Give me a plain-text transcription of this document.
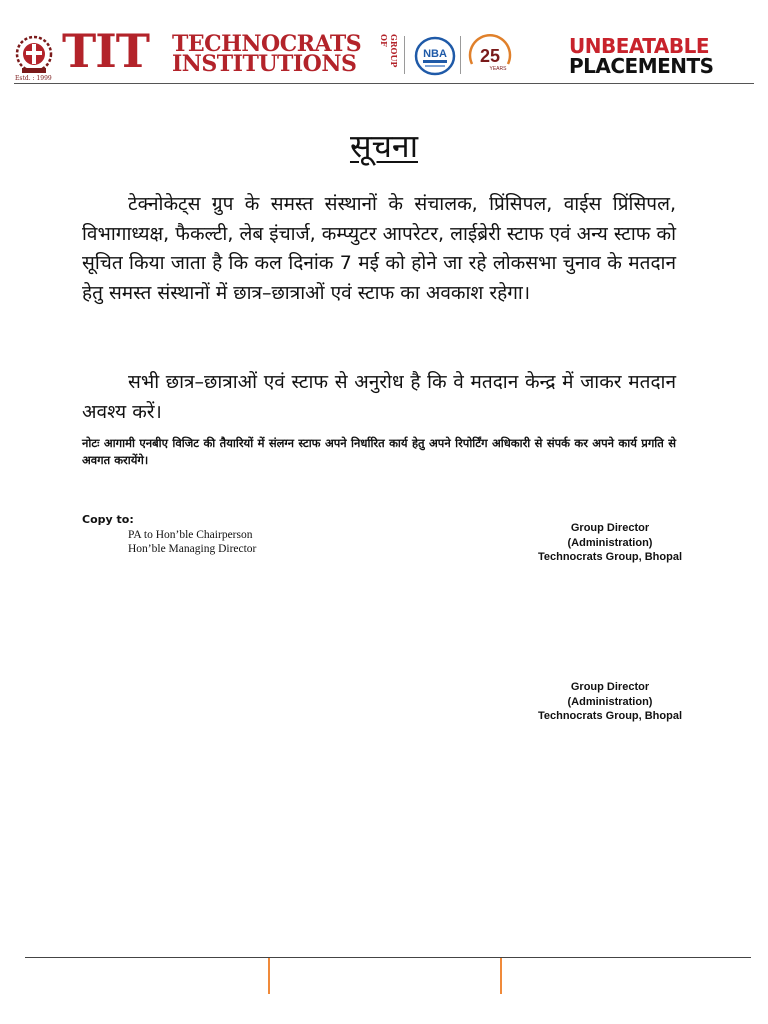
Estd. : 1999
TIT TECHNOCRATS
INSTITUTIONS	GROUP OF
NBA 25
YEARS
UNBEATABLE
PLACEMENTS
सूचना
टेक्नोकेट्स ग्रुप के समस्त संस्थानों के संचालक, प्रिंसिपल, वाईस प्रिंसिपल, विभागाध्यक्ष, फैकल्टी, लेब इंचार्ज, कम्प्युटर आपरेटर, लाईब्रेरी स्टाफ एवं अन्य स्टाफ को सूचित किया जाता है कि कल दिनांक 7 मई को होने जा रहे लोकसभा चुनाव के मतदान हेतु समस्त संस्थानों में छात्र–छात्राओं एवं स्टाफ का अवकाश रहेगा।
सभी छात्र–छात्राओं एवं स्टाफ से अनुरोध है कि वे मतदान केन्द्र में जाकर मतदान अवश्य करें।
नोटः आगामी एनबीए विजिट की तैयारियों में संलग्न स्टाफ अपने निर्धारित कार्य हेतु अपने रिपोर्टिंग अधिकारी से संपर्क कर अपने कार्य प्रगति से अवगत करायेंगे।
Copy to:
PA to Hon’ble Chairperson
Hon’ble Managing Director
Group Director
(Administration)
Technocrats Group, Bhopal
Group Director
(Administration)
Technocrats Group, Bhopal
